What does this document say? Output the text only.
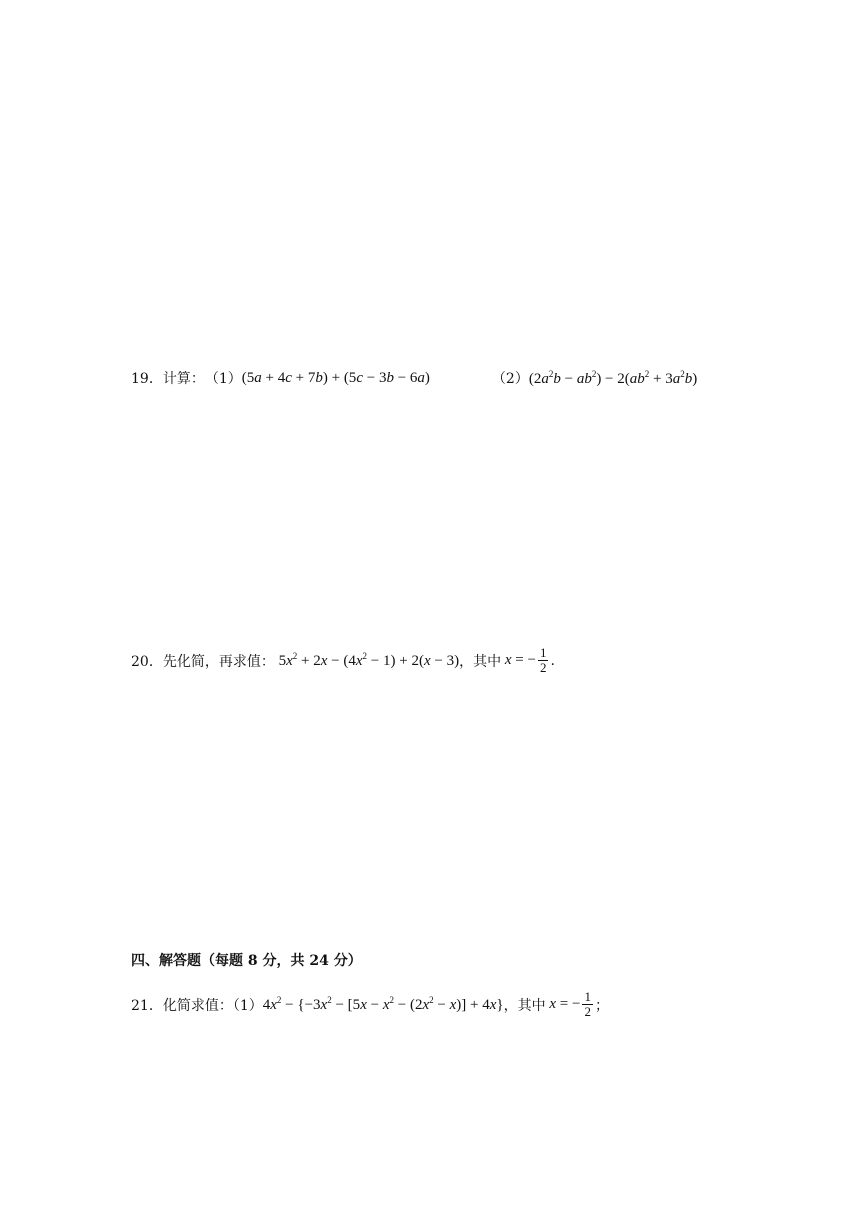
19． 计算： （1） (5a + 4c + 7b) + (5c − 3b − 6a)	（2） $(2a^2b - ab^2) - 2(ab^2 + 3a^2b)$
20． 先化简，再求值： $5x^2 + 2x - (4x^2 - 1) + 2(x - 3)$ ，其中 x = − $\frac{1}{2}$ .
四、解答题（每题 8 分，共 24 分）
21． 化简求值：（1） $4x^2 - \{-3x^2 - [5x - x^2 - (2x^2 - x)] + 4x\}$ ，其中 x = − $\frac{1}{2}$ ；
